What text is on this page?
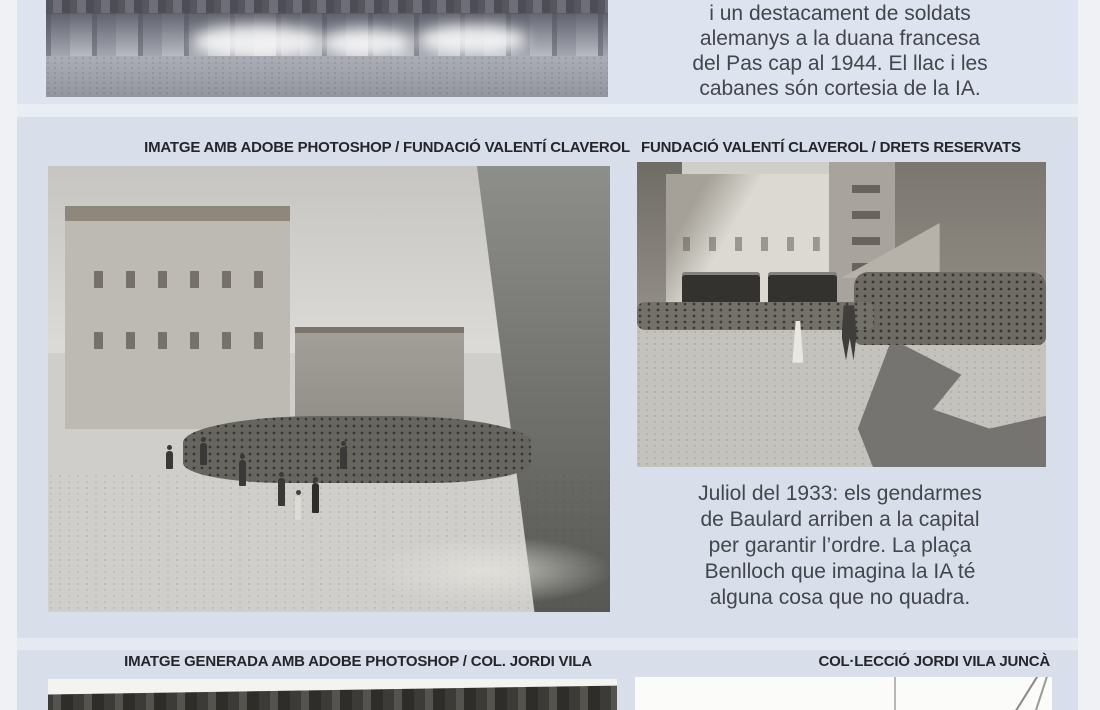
i un destacament de soldats
alemanys a la duana francesa
del Pas cap al 1944. El llac i les
cabanes són cortesia de la IA.
IMATGE AMB ADOBE PHOTOSHOP / FUNDACIÓ VALENTÍ CLAVEROL FUNDACIÓ VALENTÍ CLAVEROL / DRETS RESERVATS
Juliol del 1933: els gendarmes
de Baulard arriben a la capital
per garantir l’ordre. La plaça
Benlloch que imagina la IA té
alguna cosa que no quadra.
IMATGE GENERADA AMB ADOBE PHOTOSHOP / COL. JORDI VILA	COL·LECCIÓ JORDI VILA JUNCÀ
